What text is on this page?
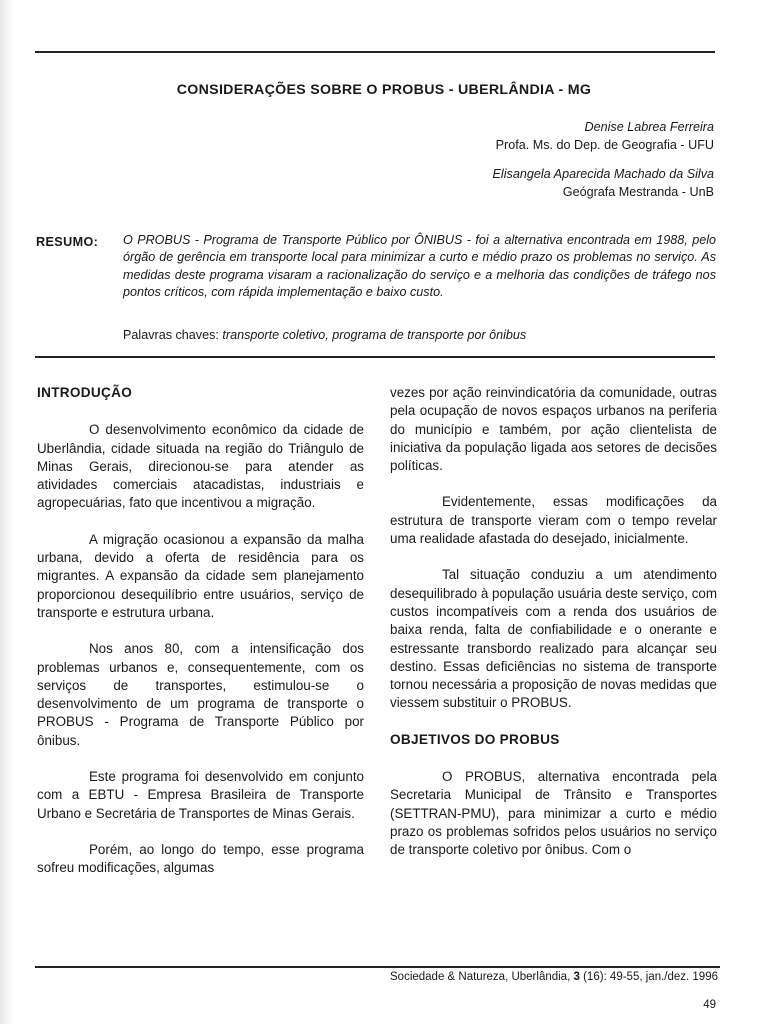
CONSIDERAÇÕES SOBRE O PROBUS - UBERLÂNDIA - MG
Denise Labrea Ferreira
Profa. Ms. do Dep. de Geografia - UFU
Elisangela Aparecida Machado da Silva
Geógrafa Mestranda - UnB
RESUMO: O PROBUS - Programa de Transporte Público por ÔNIBUS - foi a alternativa encontrada em 1988, pelo órgão de gerência em transporte local para minimizar a curto e médio prazo os problemas no serviço. As medidas deste programa visaram a racionalização do serviço e a melhoria das condições de tráfego nos pontos críticos, com rápida implementação e baixo custo.
Palavras chaves: transporte coletivo, programa de transporte por ônibus
INTRODUÇÃO

O desenvolvimento econômico da cidade de Uberlândia, cidade situada na região do Triângulo de Minas Gerais, direcionou-se para atender as atividades comerciais atacadistas, industriais e agropecuárias, fato que incentivou a migração.

A migração ocasionou a expansão da malha urbana, devido a oferta de residência para os migrantes. A expansão da cidade sem planejamento proporcionou desequilíbrio entre usuários, serviço de transporte e estrutura urbana.

Nos anos 80, com a intensificação dos problemas urbanos e, consequentemente, com os serviços de transportes, estimulou-se o desenvolvimento de um programa de transporte o PROBUS - Programa de Transporte Público por ônibus.

Este programa foi desenvolvido em conjunto com a EBTU - Empresa Brasileira de Transporte Urbano e Secretária de Transportes de Minas Gerais.

Porém, ao longo do tempo, esse programa sofreu modificações, algumas

vezes por ação reinvindicatória da comunidade, outras pela ocupação de novos espaços urbanos na periferia do município e também, por ação clientelista de iniciativa da população ligada aos setores de decisões políticas.

Evidentemente, essas modificações da estrutura de transporte vieram com o tempo revelar uma realidade afastada do desejado, inicialmente.

Tal situação conduziu a um atendimento desequilibrado à população usuária deste serviço, com custos incompatíveis com a renda dos usuários de baixa renda, falta de confiabilidade e o onerante e estressante transbordo realizado para alcançar seu destino. Essas deficiências no sistema de transporte tornou necessária a proposição de novas medidas que viessem substituir o PROBUS.

OBJETIVOS DO PROBUS

O PROBUS, alternativa encontrada pela Secretaria Municipal de Trânsito e Transportes (SETTRAN-PMU), para minimizar a curto e médio prazo os problemas sofridos pelos usuários no serviço de transporte coletivo por ônibus. Com o

Sociedade & Natureza, Uberlândia, 3 (16): 49-55, jan./dez. 1996
49
